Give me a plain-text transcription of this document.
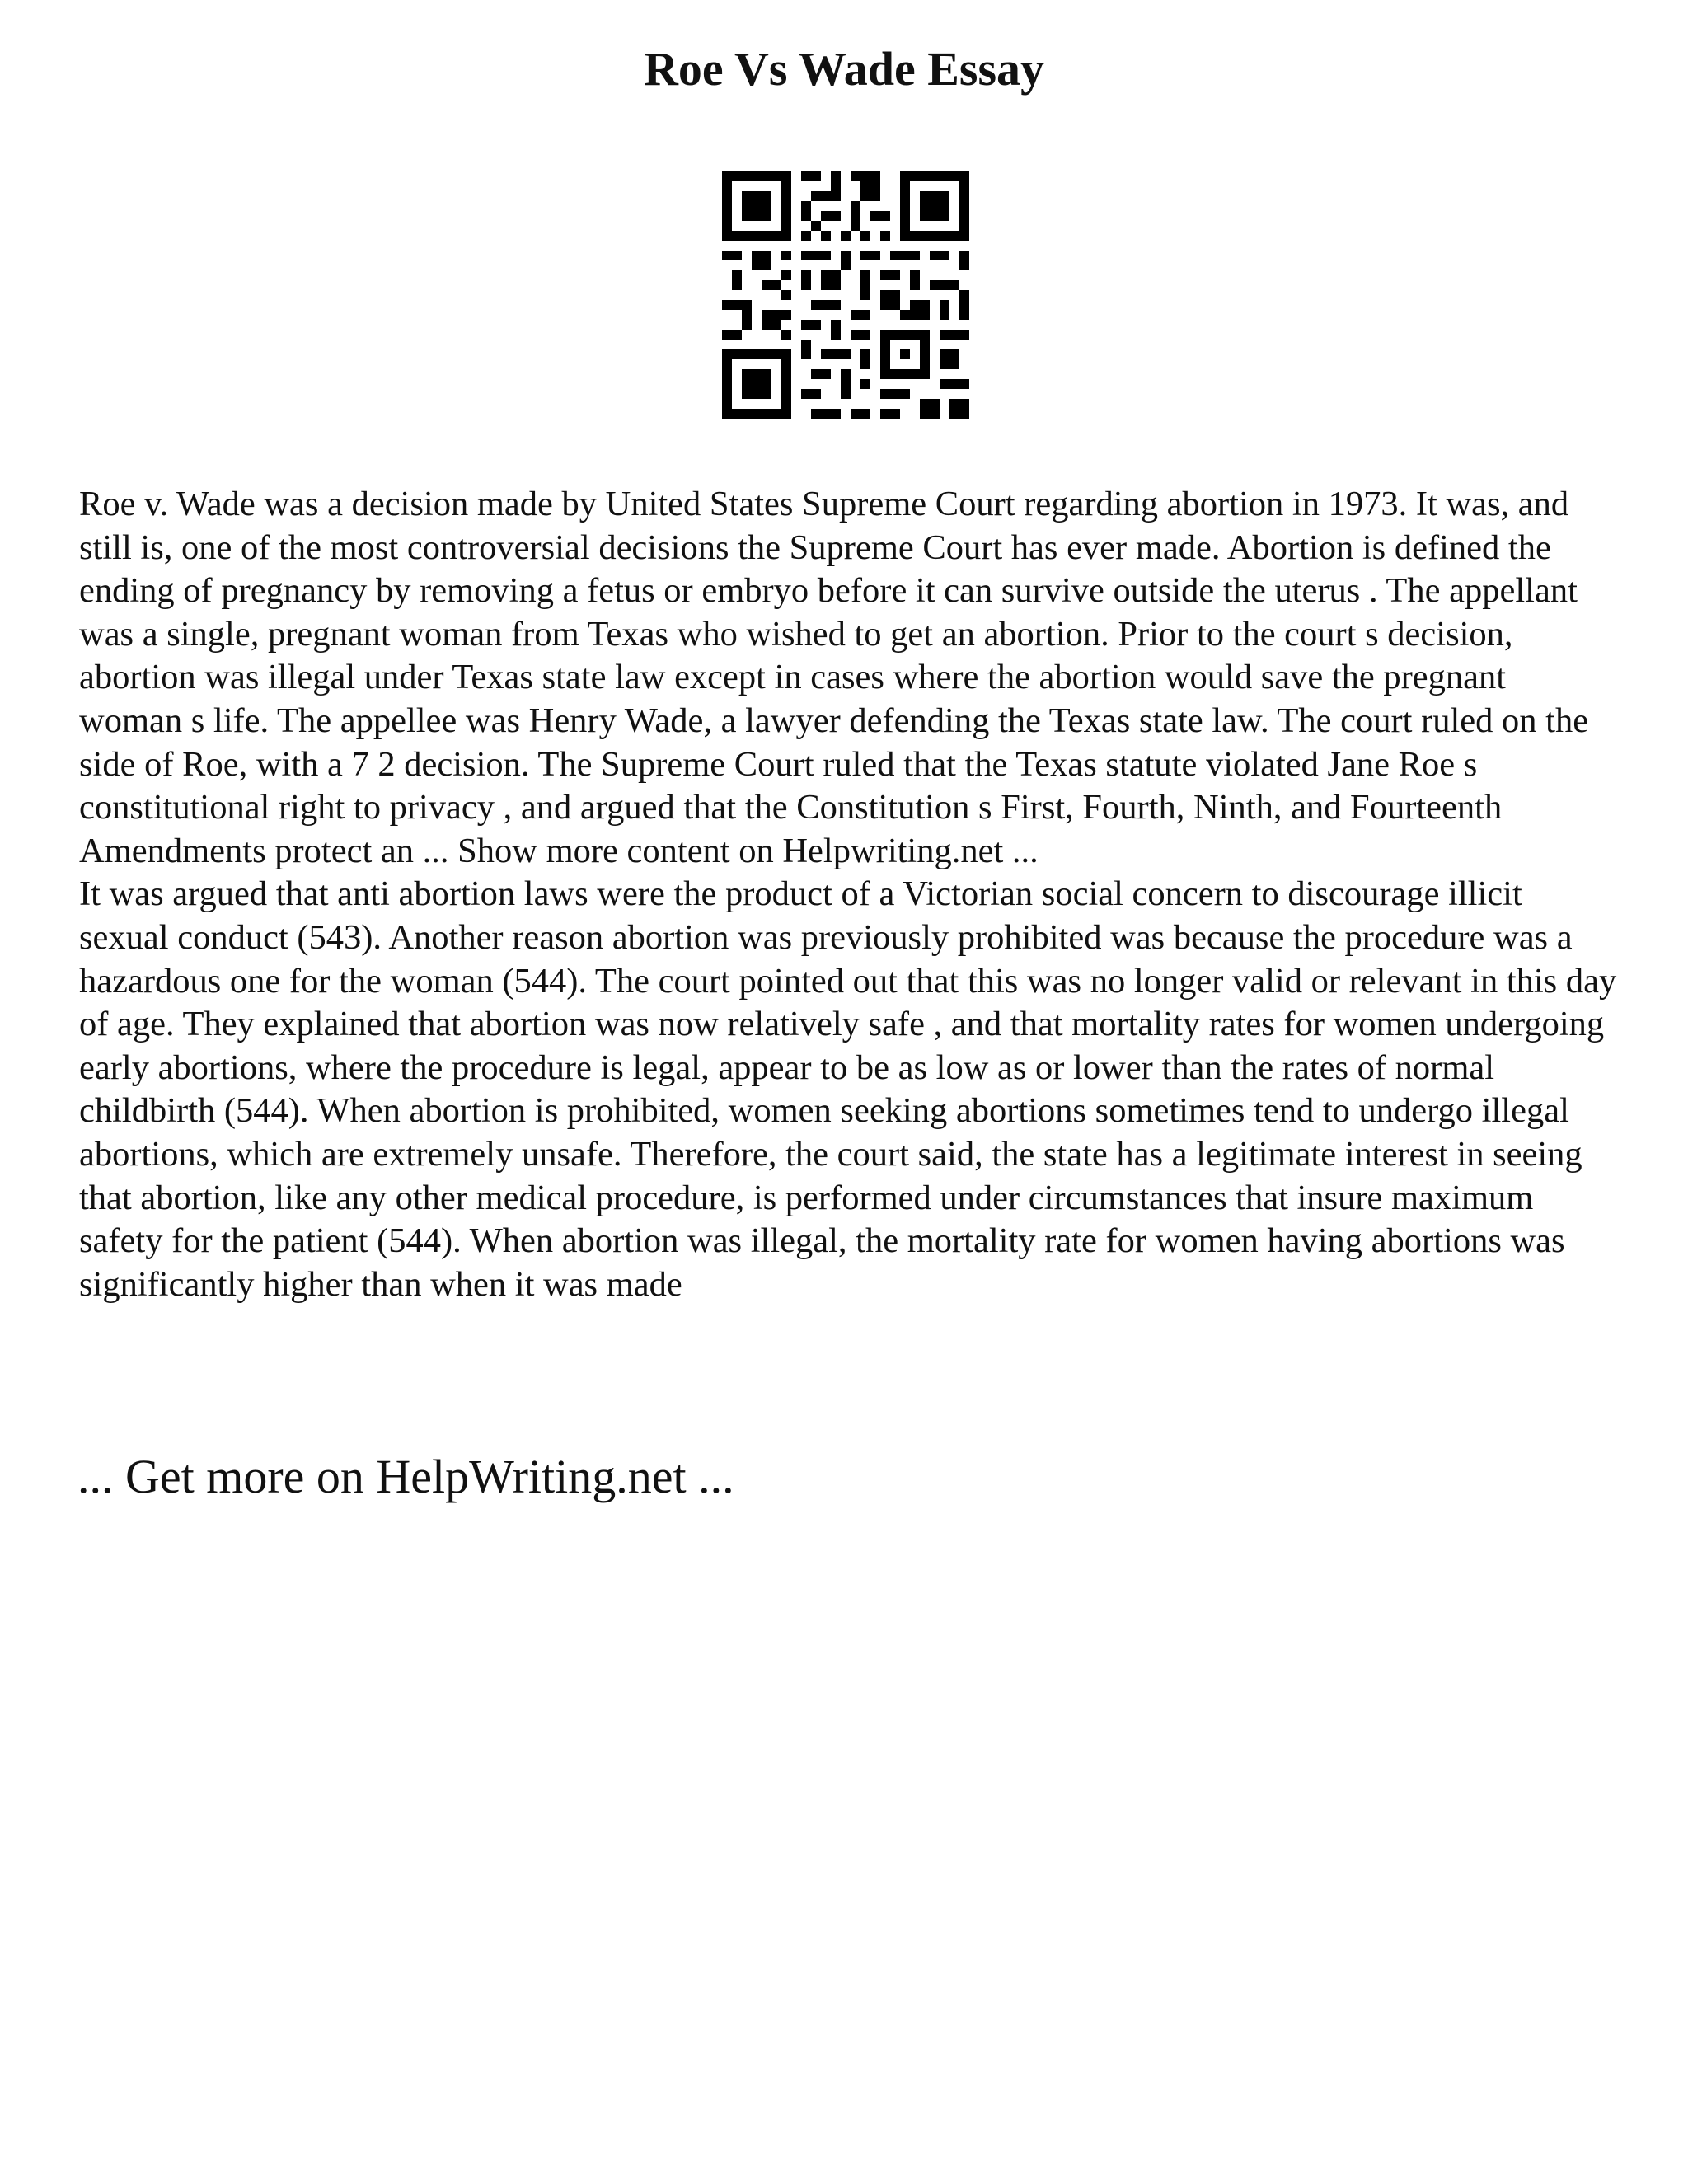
Roe Vs Wade Essay

Roe v. Wade was a decision made by United States Supreme Court regarding abortion in 1973. It was, and still is, one of the most controversial decisions the Supreme Court has ever made. Abortion is defined the ending of pregnancy by removing a fetus or embryo before it can survive outside the uterus . The appellant was a single, pregnant woman from Texas who wished to get an abortion. Prior to the court s decision, abortion was illegal under Texas state law except in cases where the abortion would save the pregnant woman s life. The appellee was Henry Wade, a lawyer defending the Texas state law. The court ruled on the side of Roe, with a 7 2 decision. The Supreme Court ruled that the Texas statute violated Jane Roe s constitutional right to privacy , and argued that the Constitution s First, Fourth, Ninth, and Fourteenth Amendments protect an ... Show more content on Helpwriting.net ...

It was argued that anti abortion laws were the product of a Victorian social concern to discourage illicit sexual conduct (543). Another reason abortion was previously prohibited was because the procedure was a hazardous one for the woman (544). The court pointed out that this was no longer valid or relevant in this day of age. They explained that abortion was now relatively safe , and that mortality rates for women undergoing early abortions, where the procedure is legal, appear to be as low as or lower than the rates of normal childbirth (544). When abortion is prohibited, women seeking abortions sometimes tend to undergo illegal abortions, which are extremely unsafe. Therefore, the court said, the state has a legitimate interest in seeing that abortion, like any other medical procedure, is performed under circumstances that insure maximum safety for the patient (544). When abortion was illegal, the mortality rate for women having abortions was significantly higher than when it was made

... Get more on HelpWriting.net ...
